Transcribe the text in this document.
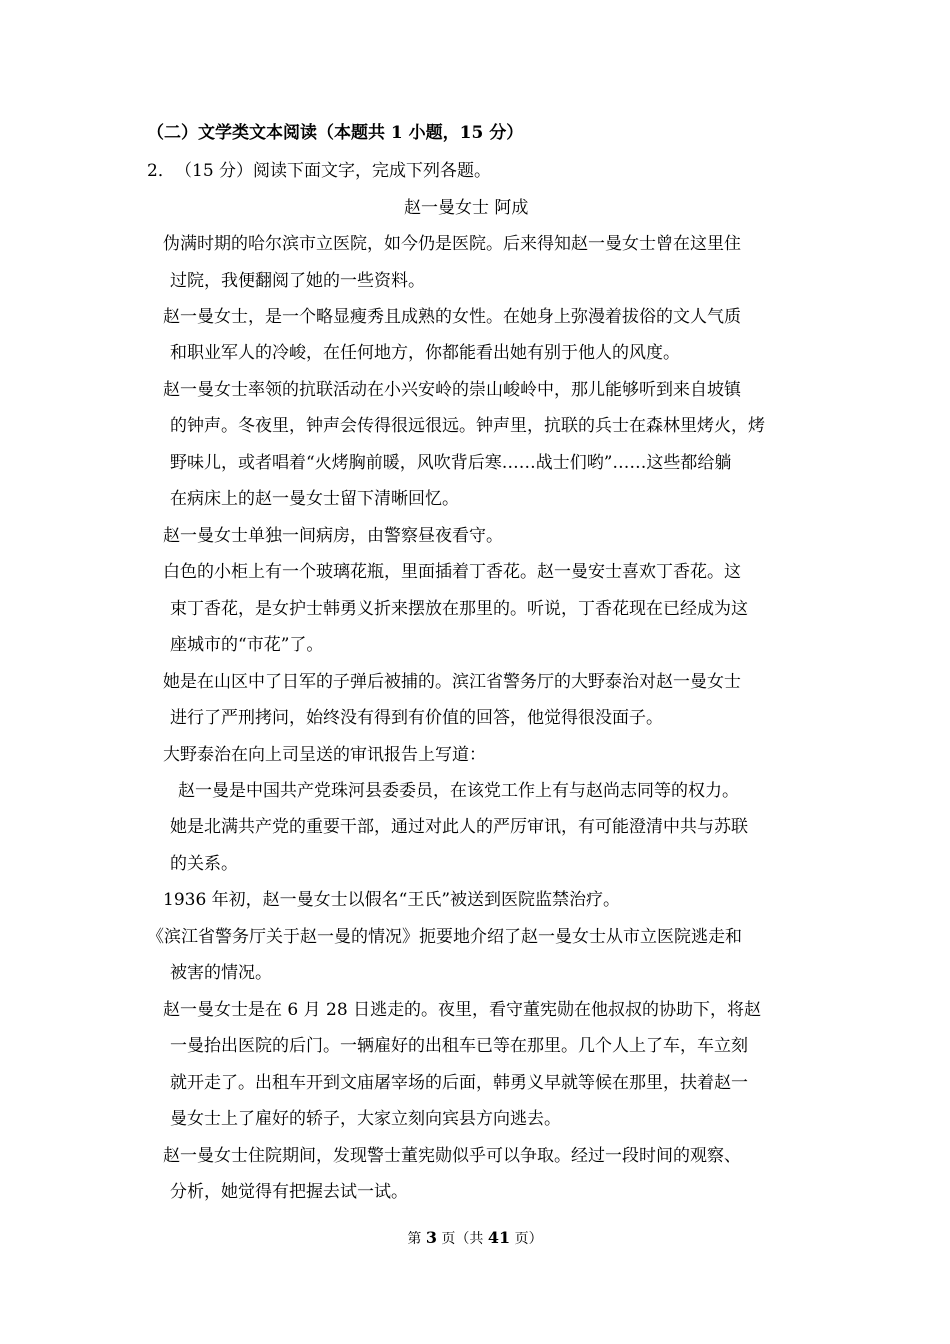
（二）文学类文本阅读（本题共 1 小题，15 分）
2． （15 分）阅读下面文字，完成下列各题。
赵一曼女士 阿成
伪满时期的哈尔滨市立医院，如今仍是医院。后来得知赵一曼女士曾在这里住
过院，我便翻阅了她的一些资料。
赵一曼女士，是一个略显瘦秀且成熟的女性。在她身上弥漫着拔俗的文人气质
和职业军人的冷峻，在任何地方，你都能看出她有别于他人的风度。
赵一曼女士率领的抗联活动在小兴安岭的崇山峻岭中，那儿能够听到来自坡镇
的钟声。冬夜里，钟声会传得很远很远。钟声里，抗联的兵士在森林里烤火，烤
野味儿，或者唱着“火烤胸前暖，风吹背后寒……战士们哟”……这些都给躺
在病床上的赵一曼女士留下清晰回忆。
赵一曼女士单独一间病房，由警察昼夜看守。
白色的小柜上有一个玻璃花瓶，里面插着丁香花。赵一曼安士喜欢丁香花。这
束丁香花，是女护士韩勇义折来摆放在那里的。听说，丁香花现在已经成为这
座城市的“市花”了。
她是在山区中了日军的子弹后被捕的。滨江省警务厅的大野泰治对赵一曼女士
进行了严刑拷问，始终没有得到有价值的回答，他觉得很没面子。
大野泰治在向上司呈送的审讯报告上写道：
赵一曼是中国共产党珠河县委委员，在该党工作上有与赵尚志同等的权力。
她是北满共产党的重要干部，通过对此人的严厉审讯，有可能澄清中共与苏联
的关系。
1936 年初，赵一曼女士以假名“王氏”被送到医院监禁治疗。
《滨江省警务厅关于赵一曼的情况》扼要地介绍了赵一曼女士从市立医院逃走和
被害的情况。
赵一曼女士是在 6 月 28 日逃走的。夜里，看守董宪勋在他叔叔的协助下，将赵
一曼抬出医院的后门。一辆雇好的出租车已等在那里。几个人上了车，车立刻
就开走了。出租车开到文庙屠宰场的后面，韩勇义早就等候在那里，扶着赵一
曼女士上了雇好的轿子，大家立刻向宾县方向逃去。
赵一曼女士住院期间，发现警士董宪勋似乎可以争取。经过一段时间的观察、
分析，她觉得有把握去试一试。
第 3 页（共 41 页）
